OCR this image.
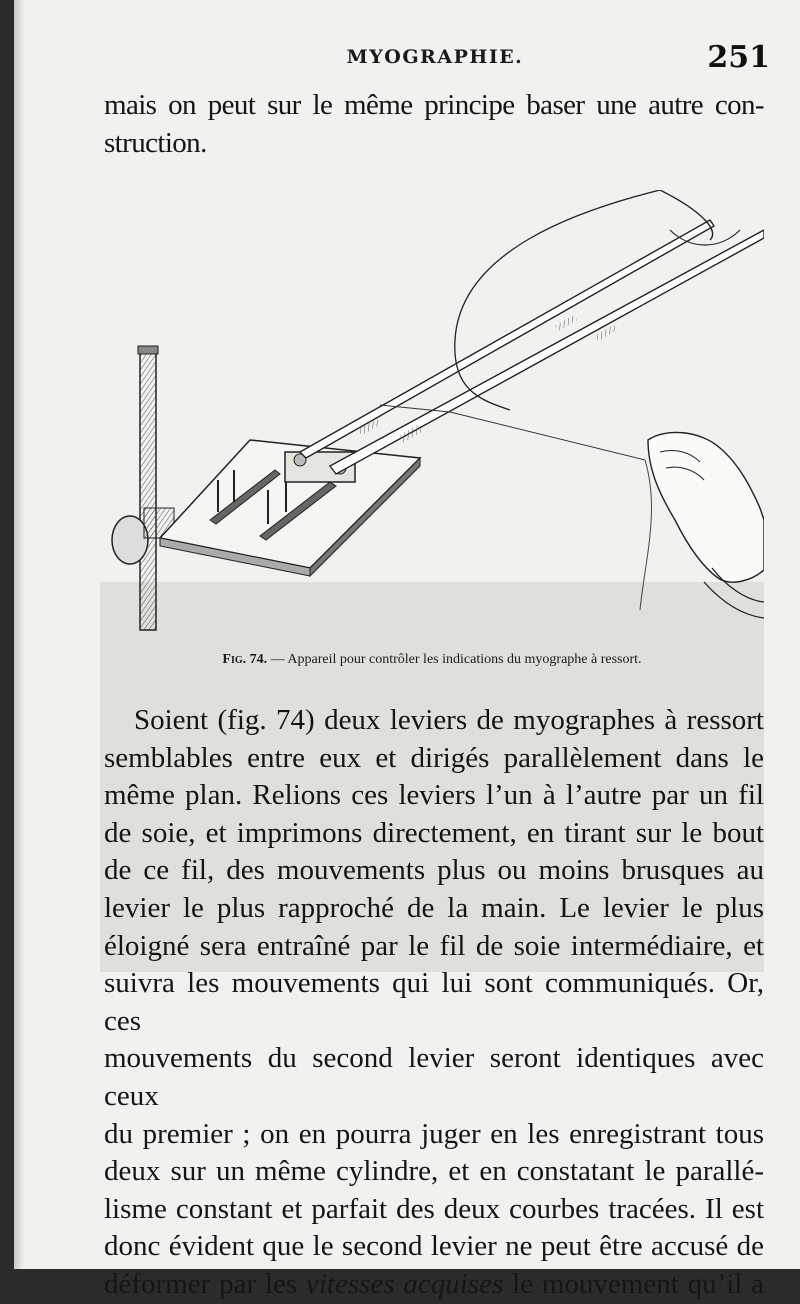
MYOGRAPHIE.	251

mais on peut sur le même principe baser une autre con-
struction.

Fig. 74. — Appareil pour contrôler les indications du myographe à ressort.

Soient (fig. 74) deux leviers de myographes à ressort
semblables entre eux et dirigés parallèlement dans le
même plan. Relions ces leviers l’un à l’autre par un fil
de soie, et imprimons directement, en tirant sur le bout
de ce fil, des mouvements plus ou moins brusques au
levier le plus rapproché de la main. Le levier le plus
éloigné sera entraîné par le fil de soie intermédiaire, et
suivra les mouvements qui lui sont communiqués. Or, ces
mouvements du second levier seront identiques avec ceux
du premier ; on en pourra juger en les enregistrant tous
deux sur un même cylindre, et en constatant le parallé-
lisme constant et parfait des deux courbes tracées. Il est
donc évident que le second levier ne peut être accusé de
déformer par les vitesses acquises le mouvement qu’il a
